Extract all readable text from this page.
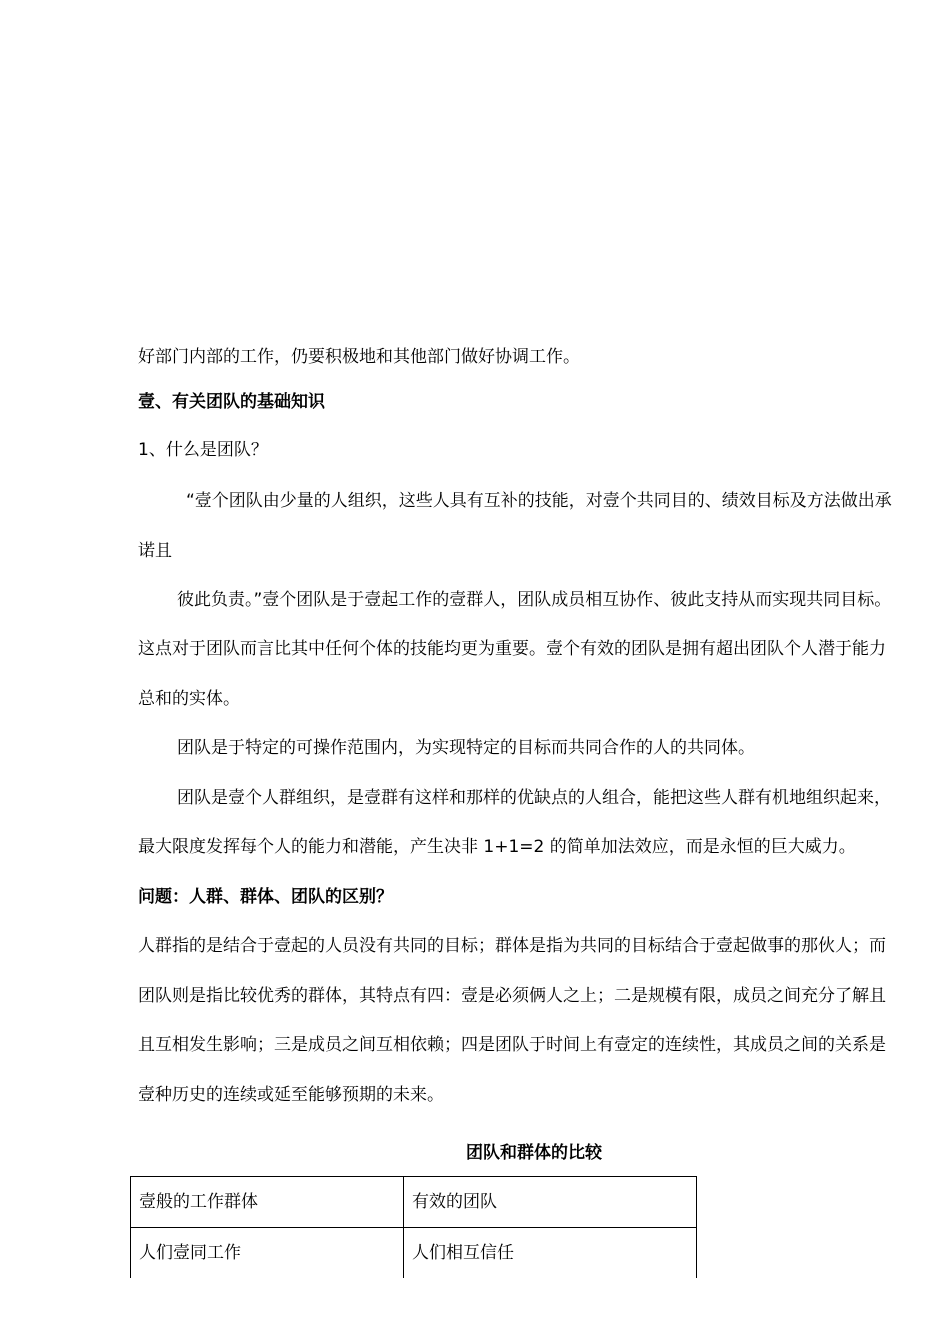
好部门内部的工作，仍要积极地和其他部门做好协调工作。
壹、有关团队的基础知识
1、什么是团队？
“壹个团队由少量的人组织，这些人具有互补的技能，对壹个共同目的、绩效目标及方法做出承
诺且
彼此负责。”壹个团队是于壹起工作的壹群人，团队成员相互协作、彼此支持从而实现共同目标。
这点对于团队而言比其中任何个体的技能均更为重要。壹个有效的团队是拥有超出团队个人潜于能力
总和的实体。
团队是于特定的可操作范围内，为实现特定的目标而共同合作的人的共同体。
团队是壹个人群组织，是壹群有这样和那样的优缺点的人组合，能把这些人群有机地组织起来，
最大限度发挥每个人的能力和潜能，产生决非 1+1=2 的简单加法效应，而是永恒的巨大威力。
问题：人群、群体、团队的区别？
人群指的是结合于壹起的人员没有共同的目标；群体是指为共同的目标结合于壹起做事的那伙人；而
团队则是指比较优秀的群体，其特点有四：壹是必须俩人之上；二是规模有限，成员之间充分了解且
且互相发生影响；三是成员之间互相依赖；四是团队于时间上有壹定的连续性，其成员之间的关系是
壹种历史的连续或延至能够预期的未来。
团队和群体的比较
壹般的工作群体	有效的团队
人们壹同工作	人们相互信任
